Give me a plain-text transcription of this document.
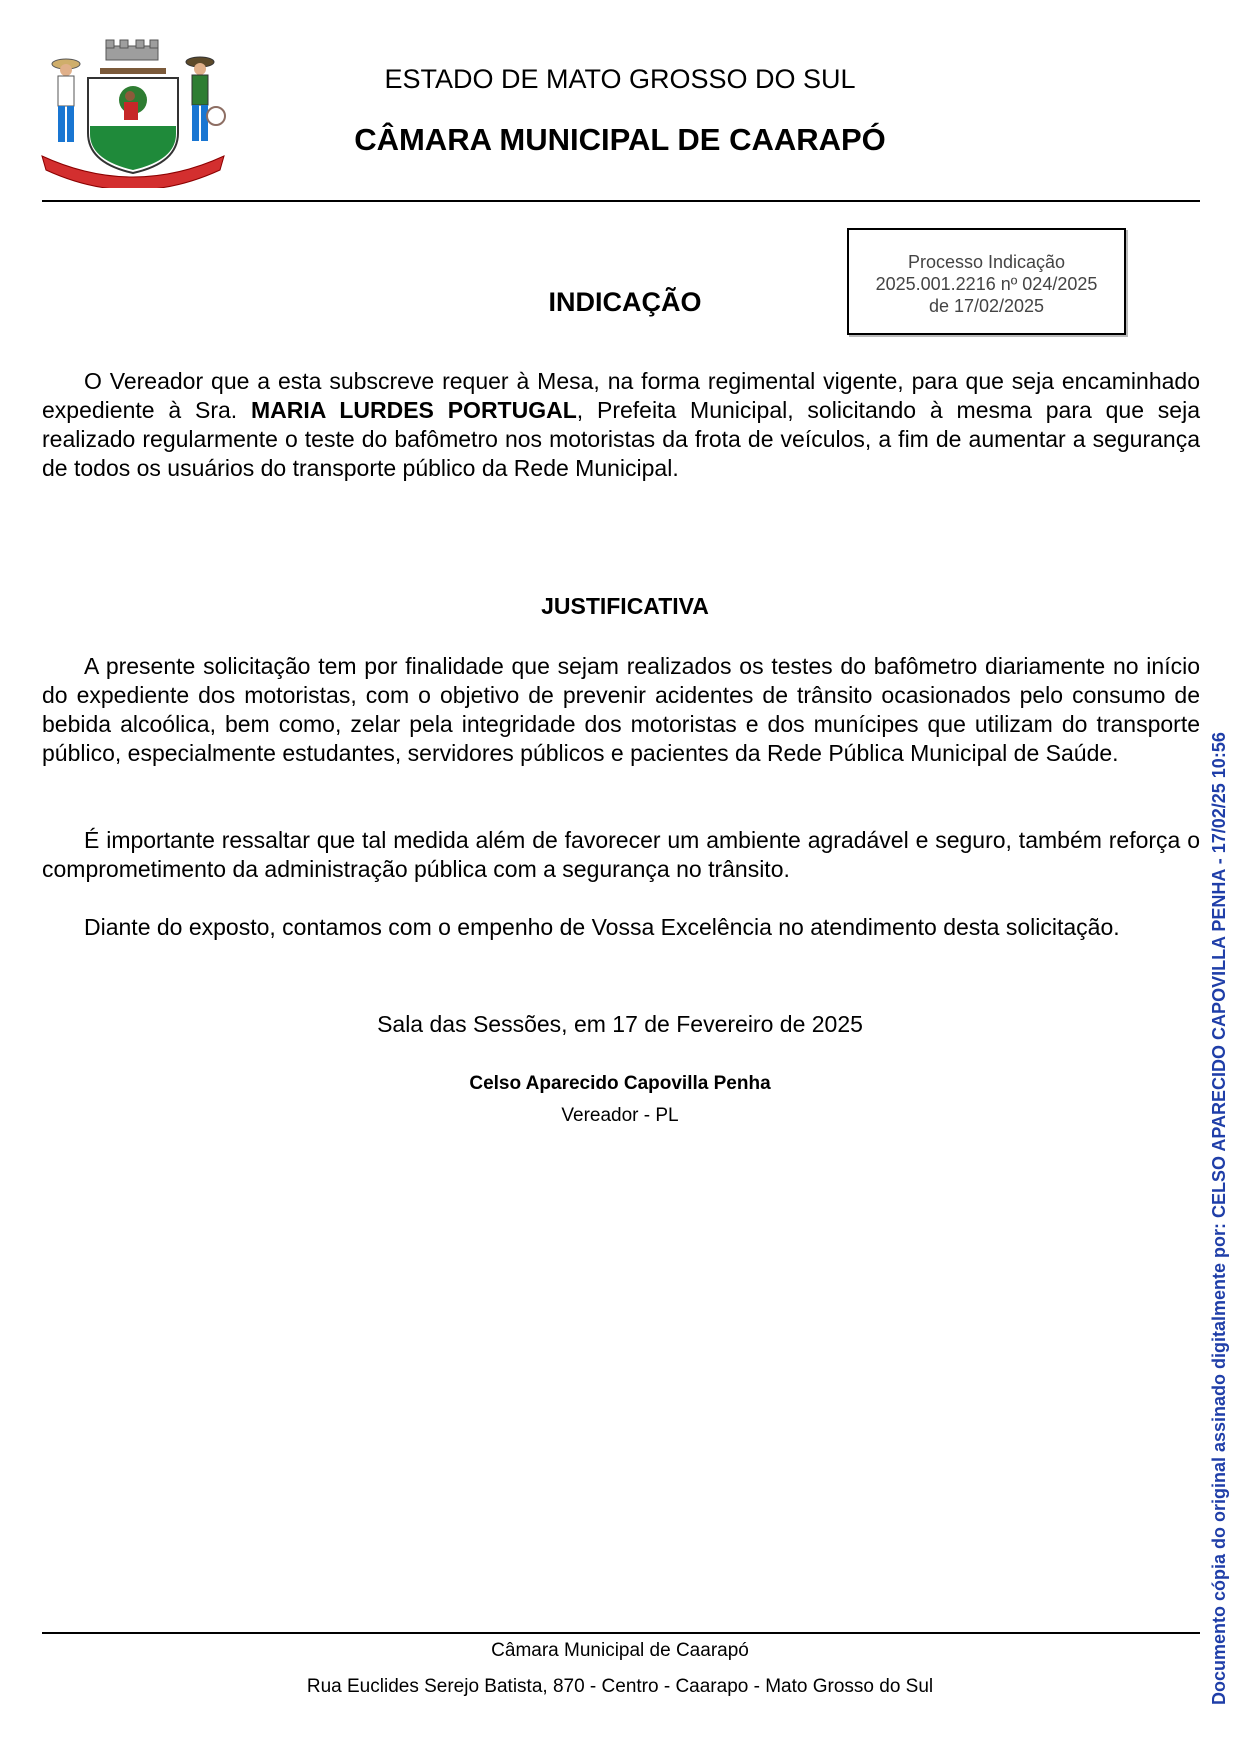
ESTADO DE MATO GROSSO DO SUL
CÂMARA MUNICIPAL DE CAARAPÓ
Processo Indicação
2025.001.2216 nº 024/2025
de 17/02/2025
INDICAÇÃO
O Vereador que a esta subscreve requer à Mesa, na forma regimental vigente, para que seja encaminhado expediente à Sra. MARIA LURDES PORTUGAL, Prefeita Municipal, solicitando à mesma para que seja realizado regularmente o teste do bafômetro nos motoristas da frota de veículos, a fim de aumentar a segurança de todos os usuários do transporte público da Rede Municipal.
JUSTIFICATIVA
A presente solicitação tem por finalidade que sejam realizados os testes do bafômetro diariamente no início do expediente dos motoristas, com o objetivo de prevenir acidentes de trânsito ocasionados pelo consumo de bebida alcoólica, bem como, zelar pela integridade dos motoristas e dos munícipes que utilizam do transporte público, especialmente estudantes, servidores públicos e pacientes da Rede Pública Municipal de Saúde.
É importante ressaltar que tal medida além de favorecer um ambiente agradável e seguro, também reforça o comprometimento da administração pública com a segurança no trânsito.
Diante do exposto, contamos com o empenho de Vossa Excelência no atendimento desta solicitação.
Sala das Sessões, em 17 de Fevereiro de 2025
Celso Aparecido Capovilla Penha
Vereador - PL
Câmara Municipal de Caarapó
Rua Euclides Serejo Batista, 870 - Centro - Caarapo - Mato Grosso do Sul	Documento cópia do original assinado digitalmente por: CELSO APARECIDO CAPOVILLA PENHA - 17/02/25 10:56
